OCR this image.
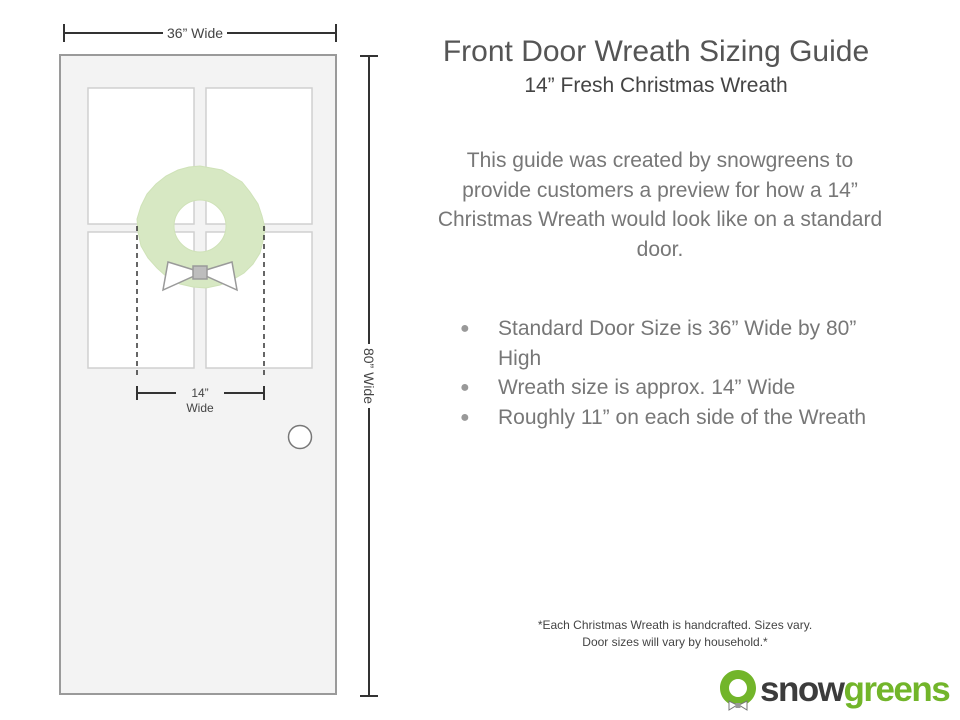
36” Wide
80” Wide
14”
Wide
Front Door Wreath Sizing Guide
14” Fresh Christmas Wreath
This guide was created by snowgreens to provide customers a preview for how a 14” Christmas Wreath would look like on a standard door.
● Standard Door Size is 36” Wide by 80” High
● Wreath size is approx. 14” Wide
● Roughly 11” on each side of the Wreath
*Each Christmas Wreath is handcrafted. Sizes vary.
Door sizes will vary by household.*
snowgreens
